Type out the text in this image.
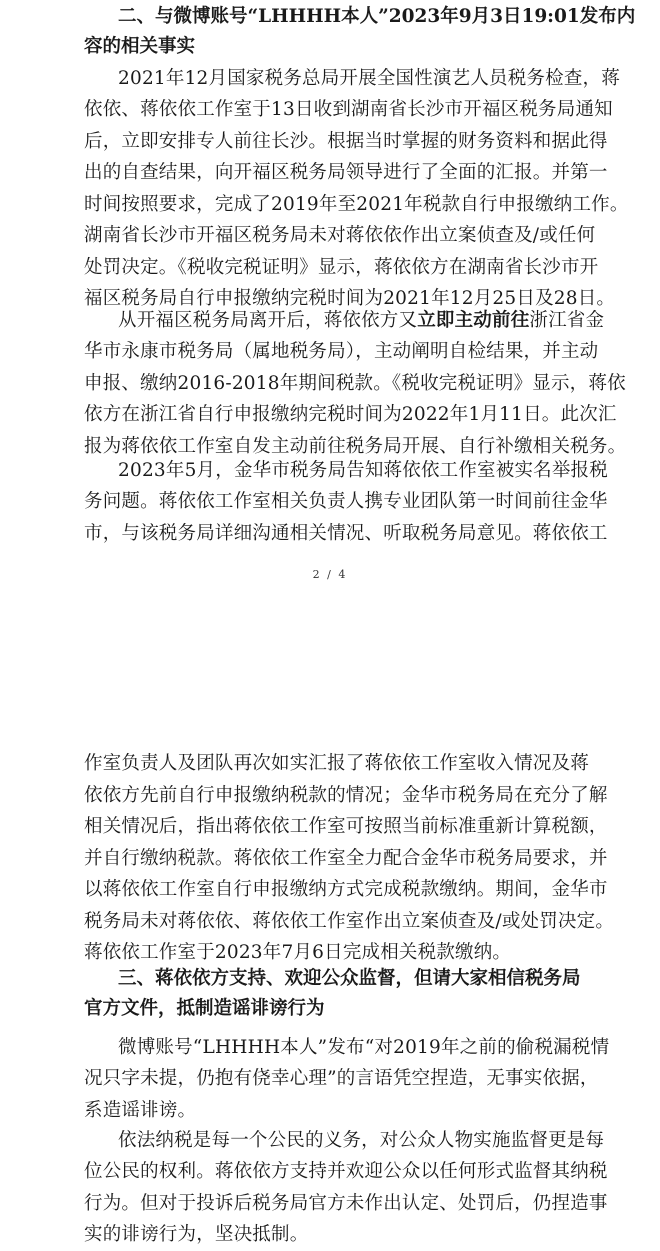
二、与微博账号“LHHHH本人”2023年9月3日19:01发布内
容的相关事实
2021年12月国家税务总局开展全国性演艺人员税务检查，蒋
依依、蒋依依工作室于13日收到湖南省长沙市开福区税务局通知
后，立即安排专人前往长沙。根据当时掌握的财务资料和据此得
出的自查结果，向开福区税务局领导进行了全面的汇报。并第一
时间按照要求，完成了2019年至2021年税款自行申报缴纳工作。
湖南省长沙市开福区税务局未对蒋依依作出立案侦查及/或任何
处罚决定。《税收完税证明》显示，蒋依依方在湖南省长沙市开
福区税务局自行申报缴纳完税时间为2021年12月25日及28日。
从开福区税务局离开后，蒋依依方又立即主动前往浙江省金
华市永康市税务局（属地税务局），主动阐明自检结果，并主动
申报、缴纳2016-2018年期间税款。《税收完税证明》显示，蒋依
依方在浙江省自行申报缴纳完税时间为2022年1月11日。此次汇
报为蒋依依工作室自发主动前往税务局开展、自行补缴相关税务。
2023年5月，金华市税务局告知蒋依依工作室被实名举报税
务问题。蒋依依工作室相关负责人携专业团队第一时间前往金华
市，与该税务局详细沟通相关情况、听取税务局意见。蒋依依工
2 / 4
作室负责人及团队再次如实汇报了蒋依依工作室收入情况及蒋
依依方先前自行申报缴纳税款的情况；金华市税务局在充分了解
相关情况后，指出蒋依依工作室可按照当前标准重新计算税额，
并自行缴纳税款。蒋依依工作室全力配合金华市税务局要求，并
以蒋依依工作室自行申报缴纳方式完成税款缴纳。期间，金华市
税务局未对蒋依依、蒋依依工作室作出立案侦查及/或处罚决定。
蒋依依工作室于2023年7月6日完成相关税款缴纳。
三、蒋依依方支持、欢迎公众监督，但请大家相信税务局
官方文件，抵制造谣诽谤行为
微博账号“LHHHH本人”发布“对2019年之前的偷税漏税情
况只字未提，仍抱有侥幸心理”的言语凭空捏造，无事实依据，
系造谣诽谤。
依法纳税是每一个公民的义务，对公众人物实施监督更是每
位公民的权利。蒋依依方支持并欢迎公众以任何形式监督其纳税
行为。但对于投诉后税务局官方未作出认定、处罚后，仍捏造事
实的诽谤行为，坚决抵制。
